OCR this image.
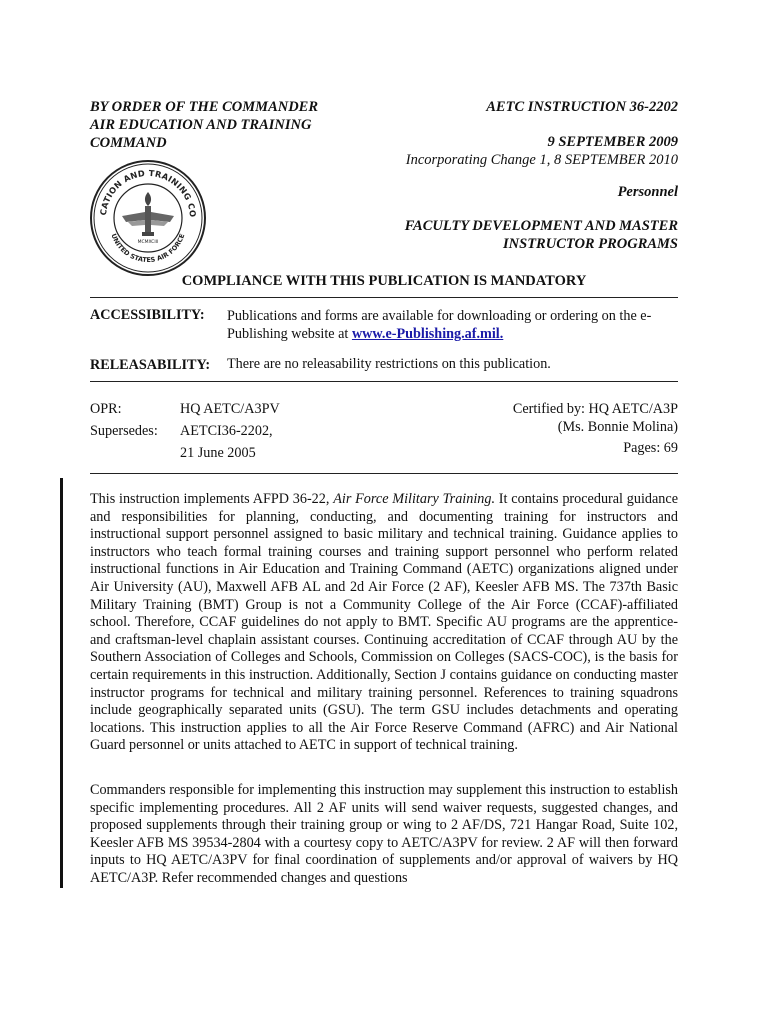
BY ORDER OF THE COMMANDER
AIR EDUCATION AND TRAINING
COMMAND
CATION AND TRAINING CO
UNITED STATES AIR FORCE
MCMXCIII
AETC INSTRUCTION 36-2202
9 SEPTEMBER 2009
Incorporating Change 1, 8 SEPTEMBER 2010
Personnel
FACULTY DEVELOPMENT AND MASTER
INSTRUCTOR PROGRAMS
COMPLIANCE WITH THIS PUBLICATION IS MANDATORY
ACCESSIBILITY: Publications and forms are available for downloading or ordering on the e-
Publishing website at www.e-Publishing.af.mil.
RELEASABILITY: There are no releasability restrictions on this publication.
OPR:	HQ AETC/A3PV
Supersedes: AETCI36-2202,
21 June 2005
Certified by: HQ AETC/A3P
(Ms. Bonnie Molina)
Pages: 69
This instruction implements AFPD 36-22, Air Force Military Training. It contains procedural guidance and responsibilities for planning, conducting, and documenting training for instructors and instructional support personnel assigned to basic military and technical training. Guidance applies to instructors who teach formal training courses and training support personnel who perform related instructional functions in Air Education and Training Command (AETC) organizations aligned under Air University (AU), Maxwell AFB AL and 2d Air Force (2 AF), Keesler AFB MS. The 737th Basic Military Training (BMT) Group is not a Community College of the Air Force (CCAF)-affiliated school. Therefore, CCAF guidelines do not apply to BMT. Specific AU programs are the apprentice- and craftsman-level chaplain assistant courses. Continuing accreditation of CCAF through AU by the Southern Association of Colleges and Schools, Commission on Colleges (SACS-COC), is the basis for certain requirements in this instruction. Additionally, Section J contains guidance on conducting master instructor programs for technical and military training personnel. References to training squadrons include geographically separated units (GSU). The term GSU includes detachments and operating locations. This instruction applies to all the Air Force Reserve Command (AFRC) and Air National Guard personnel or units attached to AETC in support of technical training.
Commanders responsible for implementing this instruction may supplement this instruction to establish specific implementing procedures. All 2 AF units will send waiver requests, suggested changes, and proposed supplements through their training group or wing to 2 AF/DS, 721 Hangar Road, Suite 102, Keesler AFB MS 39534-2804 with a courtesy copy to AETC/A3PV for review. 2 AF will then forward inputs to HQ AETC/A3PV for final coordination of supplements and/or approval of waivers by HQ AETC/A3P. Refer recommended changes and questions
